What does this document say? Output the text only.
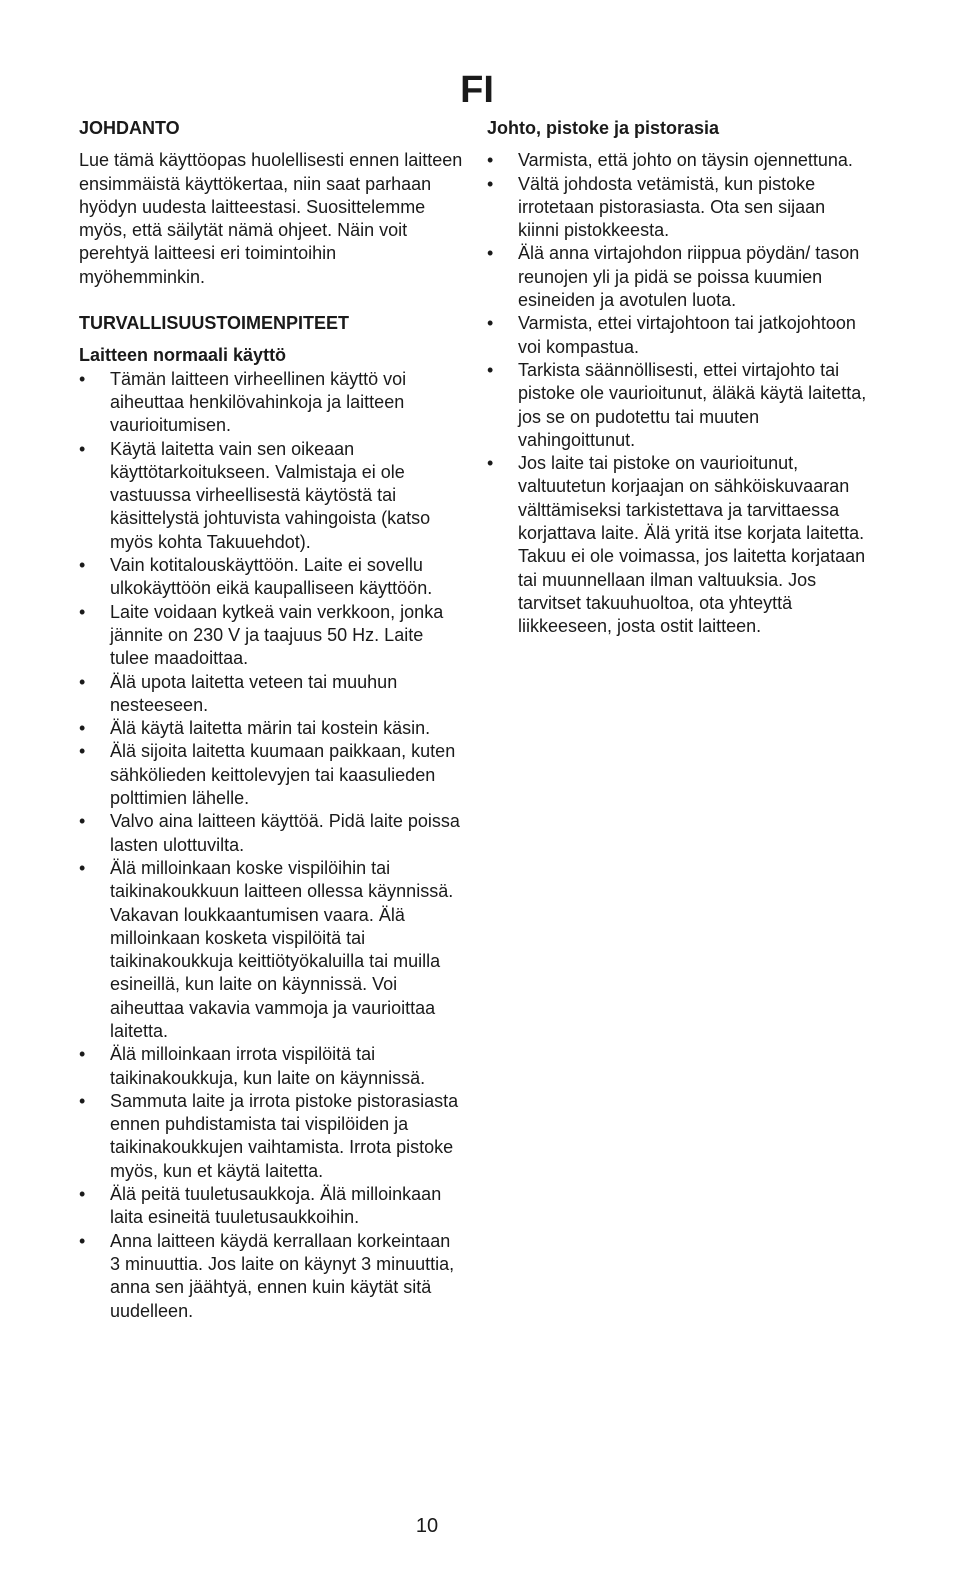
FI
JOHDANTO

Lue tämä käyttöopas huolellisesti ennen laitteen ensimmäistä käyttökertaa, niin saat parhaan hyödyn uudesta laitteestasi. Suosittelemme myös, että säilytät nämä ohjeet. Näin voit perehtyä laitteesi eri toimintoihin myöhemminkin.

TURVALLISUUSTOIMENPITEET
Laitteen normaali käyttö
• Tämän laitteen virheellinen käyttö voi aiheuttaa henkilövahinkoja ja laitteen vaurioitumisen.
• Käytä laitetta vain sen oikeaan käyttötarkoitukseen. Valmistaja ei ole vastuussa virheellisestä käytöstä tai käsittelystä johtuvista vahingoista (katso myös kohta Takuuehdot).
• Vain kotitalouskäyttöön. Laite ei sovellu ulkokäyttöön eikä kaupalliseen käyttöön.
• Laite voidaan kytkeä vain verkkoon, jonka jännite on 230 V ja taajuus 50 Hz. Laite tulee maadoittaa.
• Älä upota laitetta veteen tai muuhun nesteeseen.
• Älä käytä laitetta märin tai kostein käsin.
• Älä sijoita laitetta kuumaan paikkaan, kuten sähkölieden keittolevyjen tai kaasulieden polttimien lähelle.
• Valvo aina laitteen käyttöä. Pidä laite poissa lasten ulottuvilta.
• Älä milloinkaan koske vispilöihin tai taikinakoukkuun laitteen ollessa käynnissä. Vakavan loukkaantumisen vaara. Älä milloinkaan kosketa vispilöitä tai taikinakoukkuja keittiötyökaluilla tai muilla esineillä, kun laite on käynnissä. Voi aiheuttaa vakavia vammoja ja vaurioittaa laitetta.
• Älä milloinkaan irrota vispilöitä tai taikinakoukkuja, kun laite on käynnissä.
• Sammuta laite ja irrota pistoke pistorasiasta ennen puhdistamista tai vispilöiden ja taikinakoukkujen vaihtamista. Irrota pistoke myös, kun et käytä laitetta.
• Älä peitä tuuletusaukkoja. Älä milloinkaan laita esineitä tuuletusaukkoihin.
• Anna laitteen käydä kerrallaan korkeintaan 3 minuuttia. Jos laite on käynyt 3 minuuttia, anna sen jäähtyä, ennen kuin käytät sitä uudelleen.
Johto, pistoke ja pistorasia
• Varmista, että johto on täysin ojennettuna.
• Vältä johdosta vetämistä, kun pistoke irrotetaan pistorasiasta. Ota sen sijaan kiinni pistokkeesta.
• Älä anna virtajohdon riippua pöydän/ tason reunojen yli ja pidä se poissa kuumien esineiden ja avotulen luota.
• Varmista, ettei virtajohtoon tai jatkojohtoon voi kompastua.
• Tarkista säännöllisesti, ettei virtajohto tai pistoke ole vaurioitunut, äläkä käytä laitetta, jos se on pudotettu tai muuten vahingoittunut.
• Jos laite tai pistoke on vaurioitunut, valtuutetun korjaajan on sähköiskuvaaran välttämiseksi tarkistettava ja tarvittaessa korjattava laite. Älä yritä itse korjata laitetta. Takuu ei ole voimassa, jos laitetta korjataan tai muunnellaan ilman valtuuksia. Jos tarvitset takuuhuoltoa, ota yhteyttä liikkeeseen, josta ostit laitteen.
10
